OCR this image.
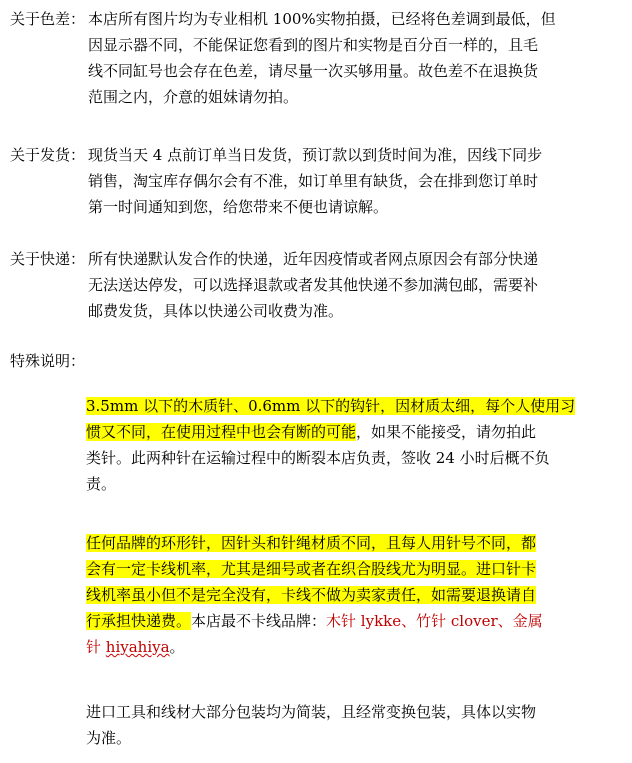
关于色差： 本店所有图片均为专业相机 100%实物拍摄，已经将色差调到最低，但
因显示器不同，不能保证您看到的图片和实物是百分百一样的，且毛
线不同缸号也会存在色差，请尽量一次买够用量。故色差不在退换货
范围之内，介意的姐妹请勿拍。
关于发货： 现货当天 4 点前订单当日发货，预订款以到货时间为准，因线下同步
销售，淘宝库存偶尔会有不准，如订单里有缺货，会在排到您订单时
第一时间通知到您，给您带来不便也请谅解。
关于快递： 所有快递默认发合作的快递，近年因疫情或者网点原因会有部分快递
无法送达停发，可以选择退款或者发其他快递不参加满包邮，需要补
邮费发货，具体以快递公司收费为准。
特殊说明：
3.5mm 以下的木质针、0.6mm 以下的钩针，因材质太细，每个人使用习
惯又不同，在使用过程中也会有断的可能，如果不能接受，请勿拍此
类针。此两种针在运输过程中的断裂本店负责，签收 24 小时后概不负
责。
任何品牌的环形针，因针头和针绳材质不同，且每人用针号不同，都
会有一定卡线机率，尤其是细号或者在织合股线尤为明显。进口针卡
线机率虽小但不是完全没有，卡线不做为卖家责任，如需要退换请自
行承担快递费。本店最不卡线品牌：木针 lykke、竹针 clover、金属
针 hiyahiya。
进口工具和线材大部分包装均为简装，且经常变换包装，具体以实物
为准。
